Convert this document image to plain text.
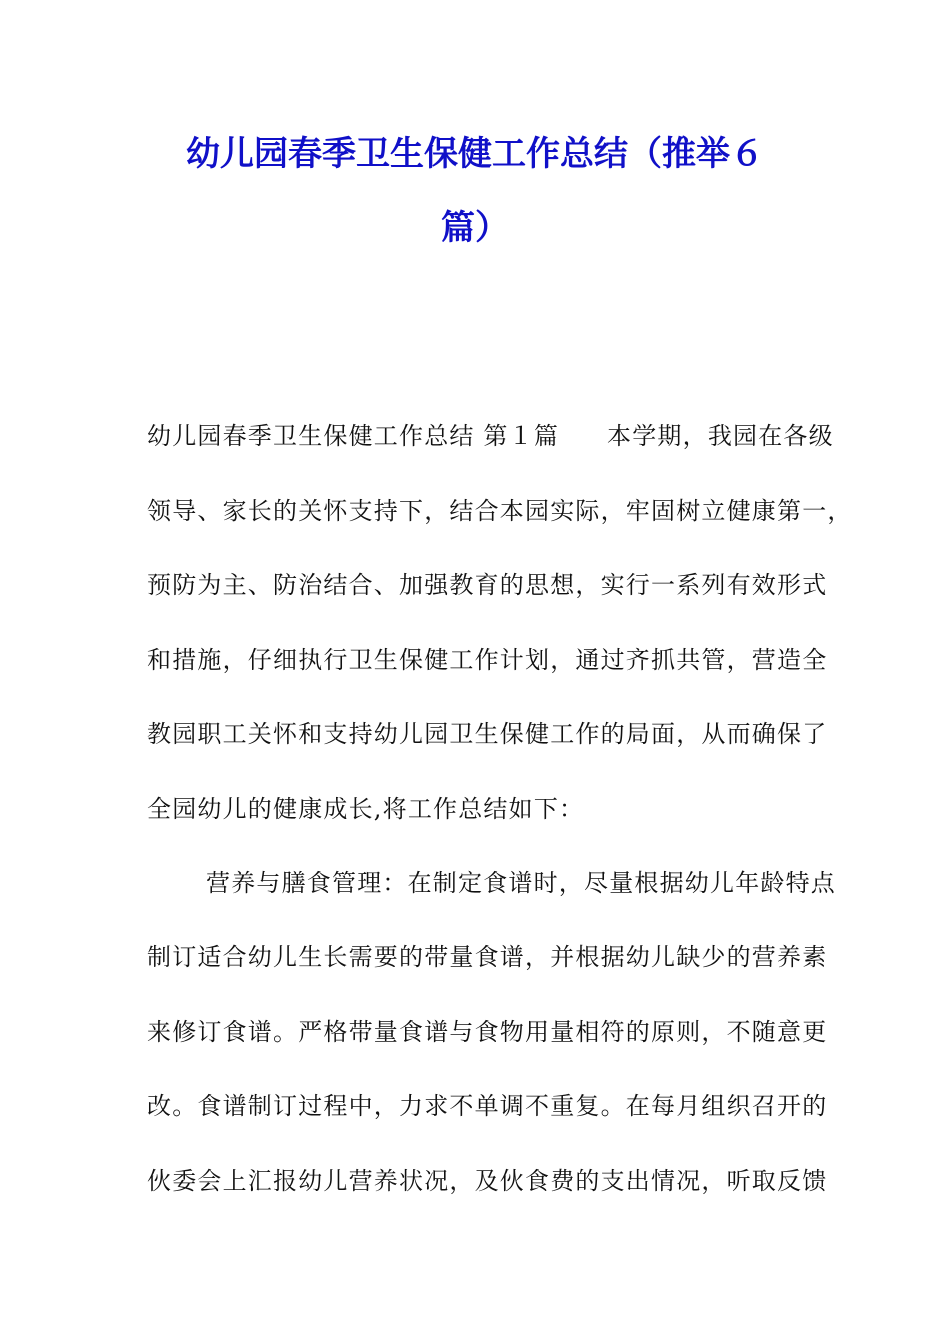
幼儿园春季卫生保健工作总结（推举６
篇）

幼儿园春季卫生保健工作总结 第１篇 本学期，我园在各级

领导、家长的关怀支持下，结合本园实际，牢固树立健康第一，

预防为主、防治结合、加强教育的思想，实行一系列有效形式

和措施，仔细执行卫生保健工作计划，通过齐抓共管，营造全

教园职工关怀和支持幼儿园卫生保健工作的局面，从而确保了

全园幼儿的健康成长,将工作总结如下：

营养与膳食管理：在制定食谱时，尽量根据幼儿年龄特点

制订适合幼儿生长需要的带量食谱，并根据幼儿缺少的营养素

来修订食谱。严格带量食谱与食物用量相符的原则，不随意更

改。食谱制订过程中，力求不单调不重复。在每月组织召开的

伙委会上汇报幼儿营养状况，及伙食费的支出情况，听取反馈
